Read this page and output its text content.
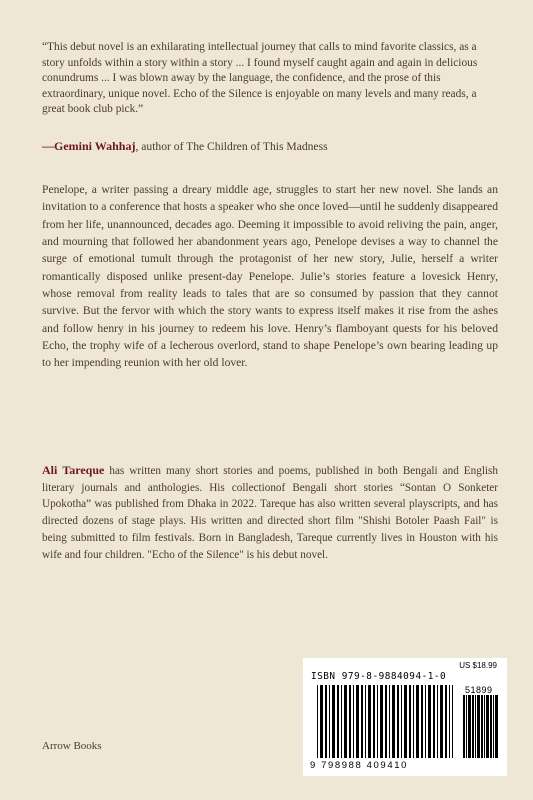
“This debut novel is an exhilarating intellectual journey that calls to mind favorite classics, as a story unfolds within a story within a story ... I found myself caught again and again in delicious conundrums ... I was blown away by the language, the confidence, and the prose of this extraordinary, unique novel. Echo of the Silence is enjoyable on many levels and many reads, a great book club pick.”
—Gemini Wahhaj, author of The Children of This Madness
Penelope, a writer passing a dreary middle age, struggles to start her new novel. She lands an invitation to a conference that hosts a speaker who she once loved—until he suddenly disappeared from her life, unannounced, decades ago. Deeming it impossible to avoid reliving the pain, anger, and mourning that followed her abandonment years ago, Penelope devises a way to channel the surge of emotional tumult through the protagonist of her new story, Julie, herself a writer romantically disposed unlike present-day Penelope. Julie’s stories feature a lovesick Henry, whose removal from reality leads to tales that are so consumed by passion that they cannot survive. But the fervor with which the story wants to express itself makes it rise from the ashes and follow henry in his journey to redeem his love. Henry’s flamboyant quests for his beloved Echo, the trophy wife of a lecherous overlord, stand to shape Penelope’s own bearing leading up to her impending reunion with her old lover.
Ali Tareque has written many short stories and poems, published in both Bengali and English literary journals and anthologies. His collectionof Bengali short stories “Sontan O Sonketer Upokotha” was published from Dhaka in 2022. Tareque has also written several playscripts, and has directed dozens of stage plays. His written and directed short film "Shishi Botoler Paash Fail" is being submitted to film festivals. Born in Bangladesh, Tareque currently lives in Houston with his wife and four children. "Echo of the Silence" is his debut novel.
Arrow Books
US $18.99
ISBN 979-8-9884094-1-0
51899
9 798988 409410
